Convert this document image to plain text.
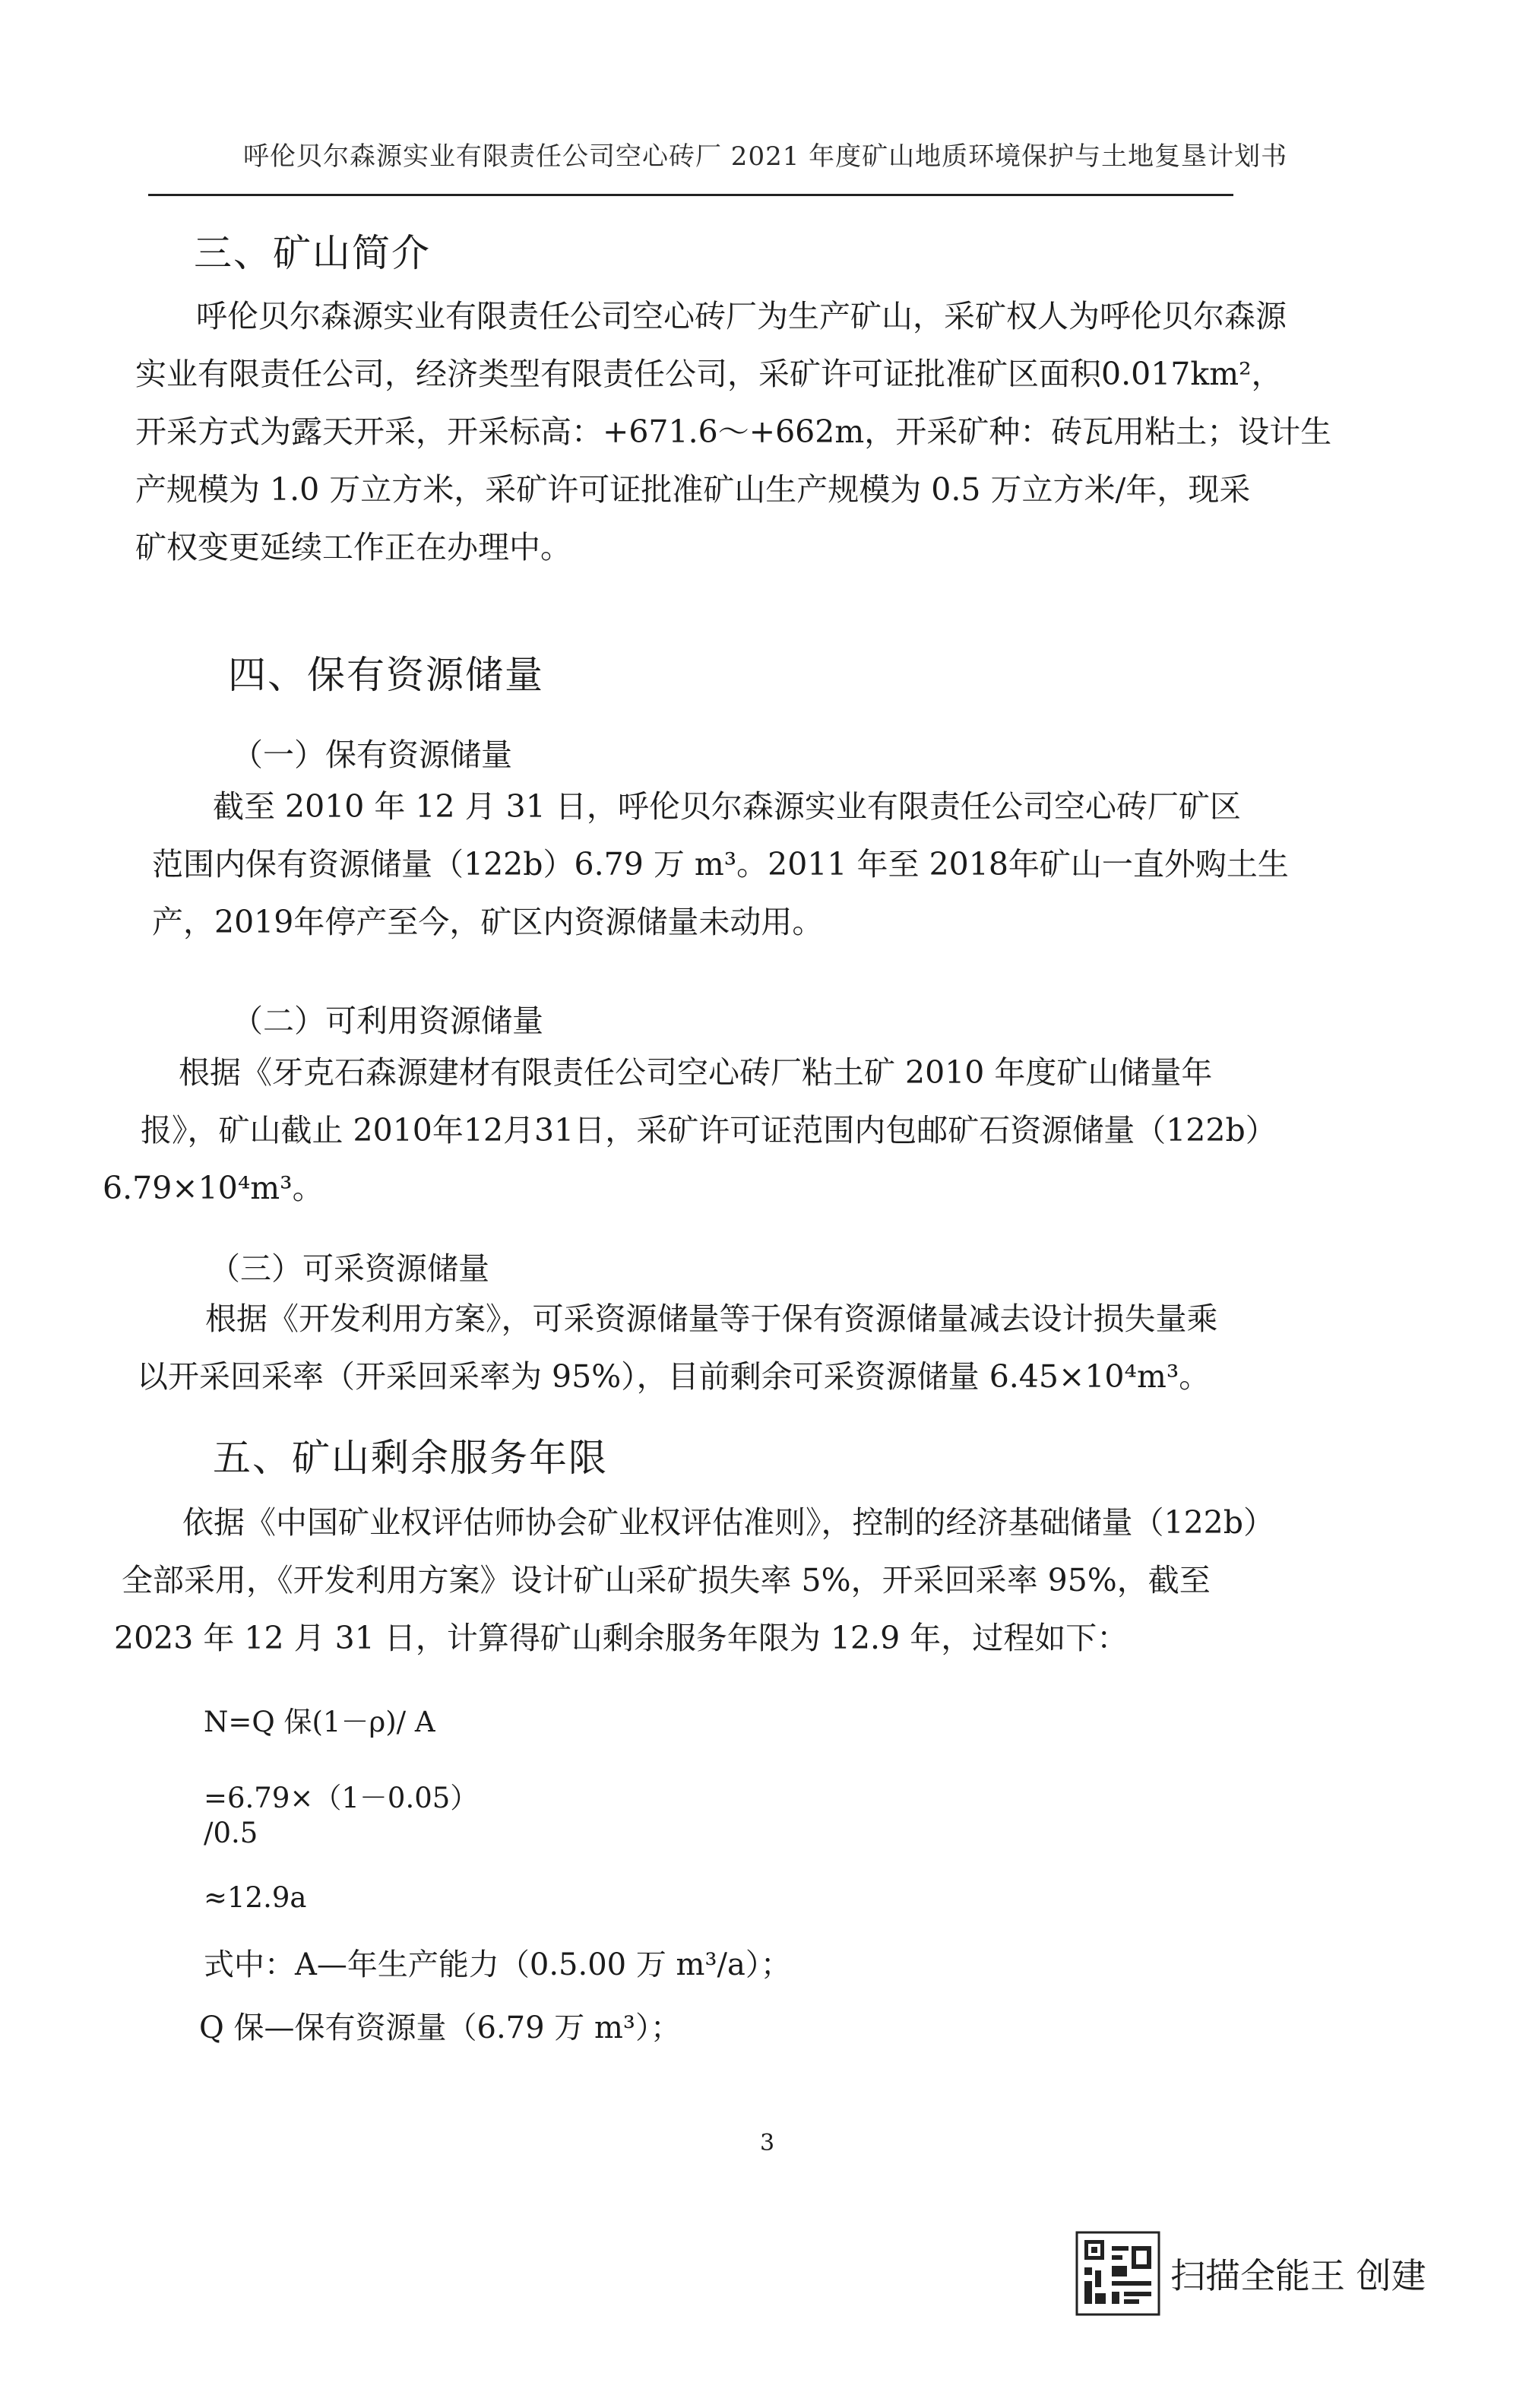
呼伦贝尔森源实业有限责任公司空心砖厂 2021 年度矿山地质环境保护与土地复垦计划书
三、矿山简介
呼伦贝尔森源实业有限责任公司空心砖厂为生产矿山，采矿权人为呼伦贝尔森源
实业有限责任公司，经济类型有限责任公司，采矿许可证批准矿区面积0.017km²，
开采方式为露天开采，开采标高：+671.6～+662m，开采矿种：砖瓦用粘土；设计生
产规模为 1.0 万立方米，采矿许可证批准矿山生产规模为 0.5 万立方米/年，现采
矿权变更延续工作正在办理中。
四、保有资源储量
（一）保有资源储量
截至 2010 年 12 月 31 日，呼伦贝尔森源实业有限责任公司空心砖厂矿区
范围内保有资源储量（122b）6.79 万 m³。2011 年至 2018年矿山一直外购土生
产，2019年停产至今，矿区内资源储量未动用。
（二）可利用资源储量
根据《牙克石森源建材有限责任公司空心砖厂粘土矿 2010 年度矿山储量年
报》，矿山截止 2010年12月31日，采矿许可证范围内包邮矿石资源储量（122b）
6.79×10⁴m³。
（三）可采资源储量
根据《开发利用方案》，可采资源储量等于保有资源储量减去设计损失量乘
以开采回采率（开采回采率为 95%），目前剩余可采资源储量 6.45×10⁴m³。
五、矿山剩余服务年限
依据《中国矿业权评估师协会矿业权评估准则》，控制的经济基础储量（122b）
全部采用，《开发利用方案》设计矿山采矿损失率 5%，开采回采率 95%，截至
2023 年 12 月 31 日，计算得矿山剩余服务年限为 12.9 年，过程如下：
N=Q 保(1－ρ)/ A
=6.79×（1－0.05）
/0.5
≈12.9a
式中：A—年生产能力（0.5.00 万 m³/a）；
Q 保—保有资源量（6.79 万 m³）；
3
扫描全能王 创建
